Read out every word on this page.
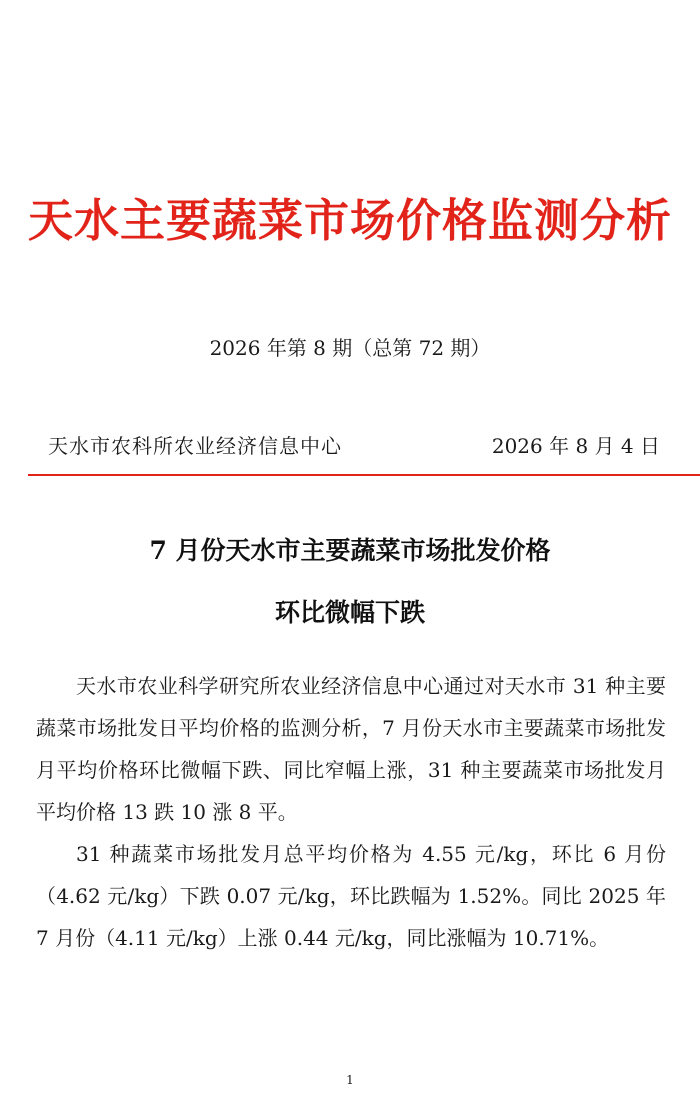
天水主要蔬菜市场价格监测分析
2026 年第 8 期（总第 72 期）
天水市农科所农业经济信息中心	2026 年 8 月 4 日
7 月份天水市主要蔬菜市场批发价格
环比微幅下跌

天水市农业科学研究所农业经济信息中心通过对天水市 31 种主要蔬菜市场批发日平均价格的监测分析，7 月份天水市主要蔬菜市场批发月平均价格环比微幅下跌、同比窄幅上涨，31 种主要蔬菜市场批发月平均价格 13 跌 10 涨 8 平。

31 种蔬菜市场批发月总平均价格为 4.55 元/kg，环比 6 月份（4.62 元/kg）下跌 0.07 元/kg，环比跌幅为 1.52%。同比 2025 年 7 月份（4.11 元/kg）上涨 0.44 元/kg，同比涨幅为 10.71%。

1
